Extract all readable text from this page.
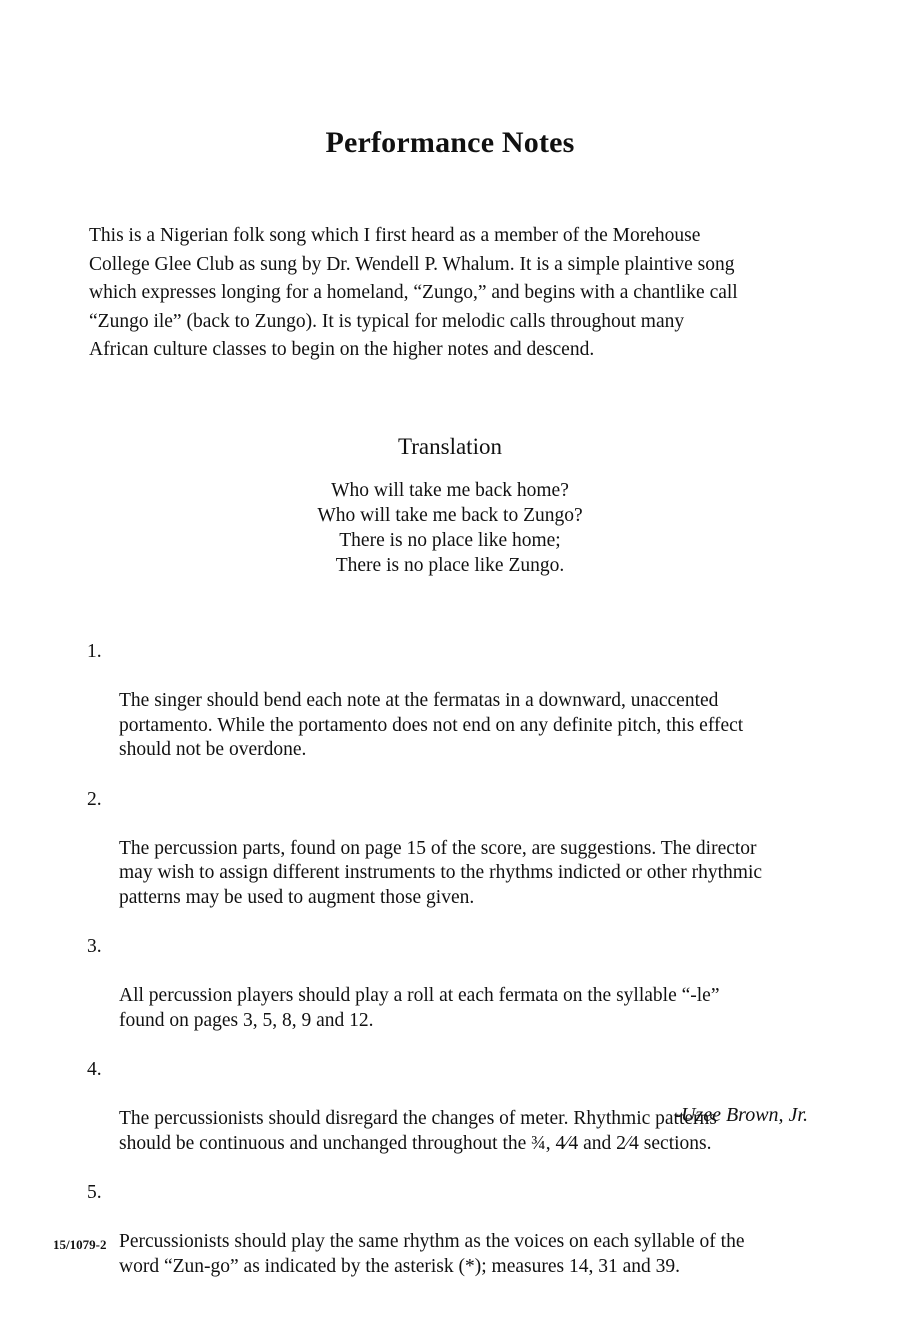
Performance Notes
This is a Nigerian folk song which I first heard as a member of the Morehouse
College Glee Club as sung by Dr. Wendell P. Whalum. It is a simple plaintive song
which expresses longing for a homeland, “Zungo,” and begins with a chantlike call
“Zungo ile” (back to Zungo). It is typical for melodic calls throughout many
African culture classes to begin on the higher notes and descend.
Translation
Who will take me back home?
Who will take me back to Zungo?
There is no place like home;
There is no place like Zungo.

1.

The singer should bend each note at the fermatas in a downward, unaccented
portamento. While the portamento does not end on any definite pitch, this effect
should not be overdone.

2.

The percussion parts, found on page 15 of the score, are suggestions. The director
may wish to assign different instruments to the rhythms indicted or other rhythmic
patterns may be used to augment those given.

3.

All percussion players should play a roll at each fermata on the syllable “-le”
found on pages 3, 5, 8, 9 and 12.

4.

The percussionists should disregard the changes of meter. Rhythmic patterns
should be continuous and unchanged throughout the ¾, 4⁄4 and 2⁄4 sections.

5.

Percussionists should play the same rhythm as the voices on each syllable of the
word “Zun-go” as indicated by the asterisk (*); measures 14, 31 and 39.

-Uzee Brown, Jr.
15/1079-2
